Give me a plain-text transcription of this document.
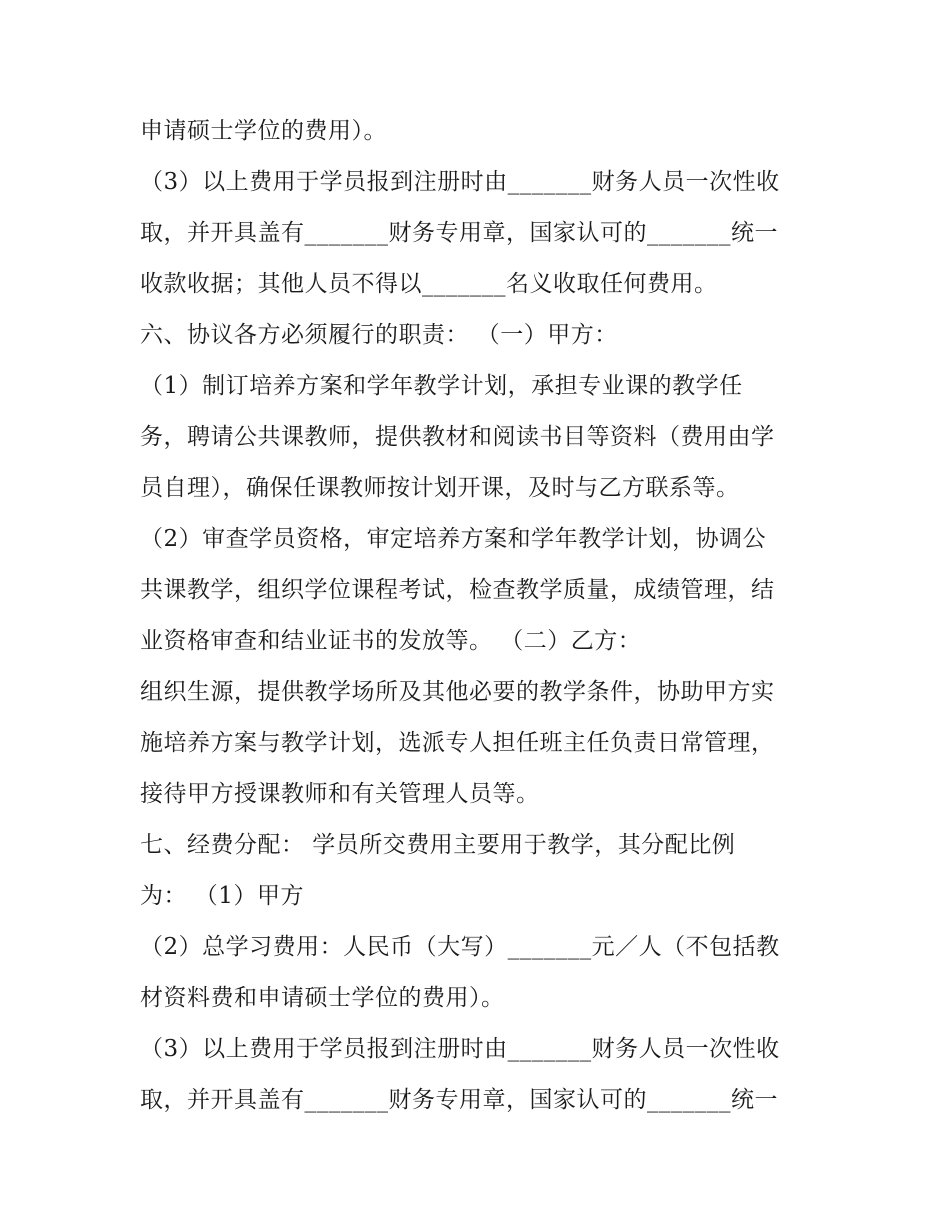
申请硕士学位的费用）。
（3）以上费用于学员报到注册时由_______财务人员一次性收
取，并开具盖有_______财务专用章，国家认可的_______统一
收款收据；其他人员不得以_______名义收取任何费用。
六、协议各方必须履行的职责： （一）甲方：
（1）制订培养方案和学年教学计划，承担专业课的教学任
务，聘请公共课教师，提供教材和阅读书目等资料（费用由学
员自理），确保任课教师按计划开课，及时与乙方联系等。
（2）审查学员资格，审定培养方案和学年教学计划，协调公
共课教学，组织学位课程考试，检查教学质量，成绩管理，结
业资格审查和结业证书的发放等。 （二）乙方：
组织生源，提供教学场所及其他必要的教学条件，协助甲方实
施培养方案与教学计划，选派专人担任班主任负责日常管理，
接待甲方授课教师和有关管理人员等。
七、经费分配： 学员所交费用主要用于教学，其分配比例
为： （1）甲方
（2）总学习费用：人民币（大写）_______元／人（不包括教
材资料费和申请硕士学位的费用）。
（3）以上费用于学员报到注册时由_______财务人员一次性收
取，并开具盖有_______财务专用章，国家认可的_______统一
